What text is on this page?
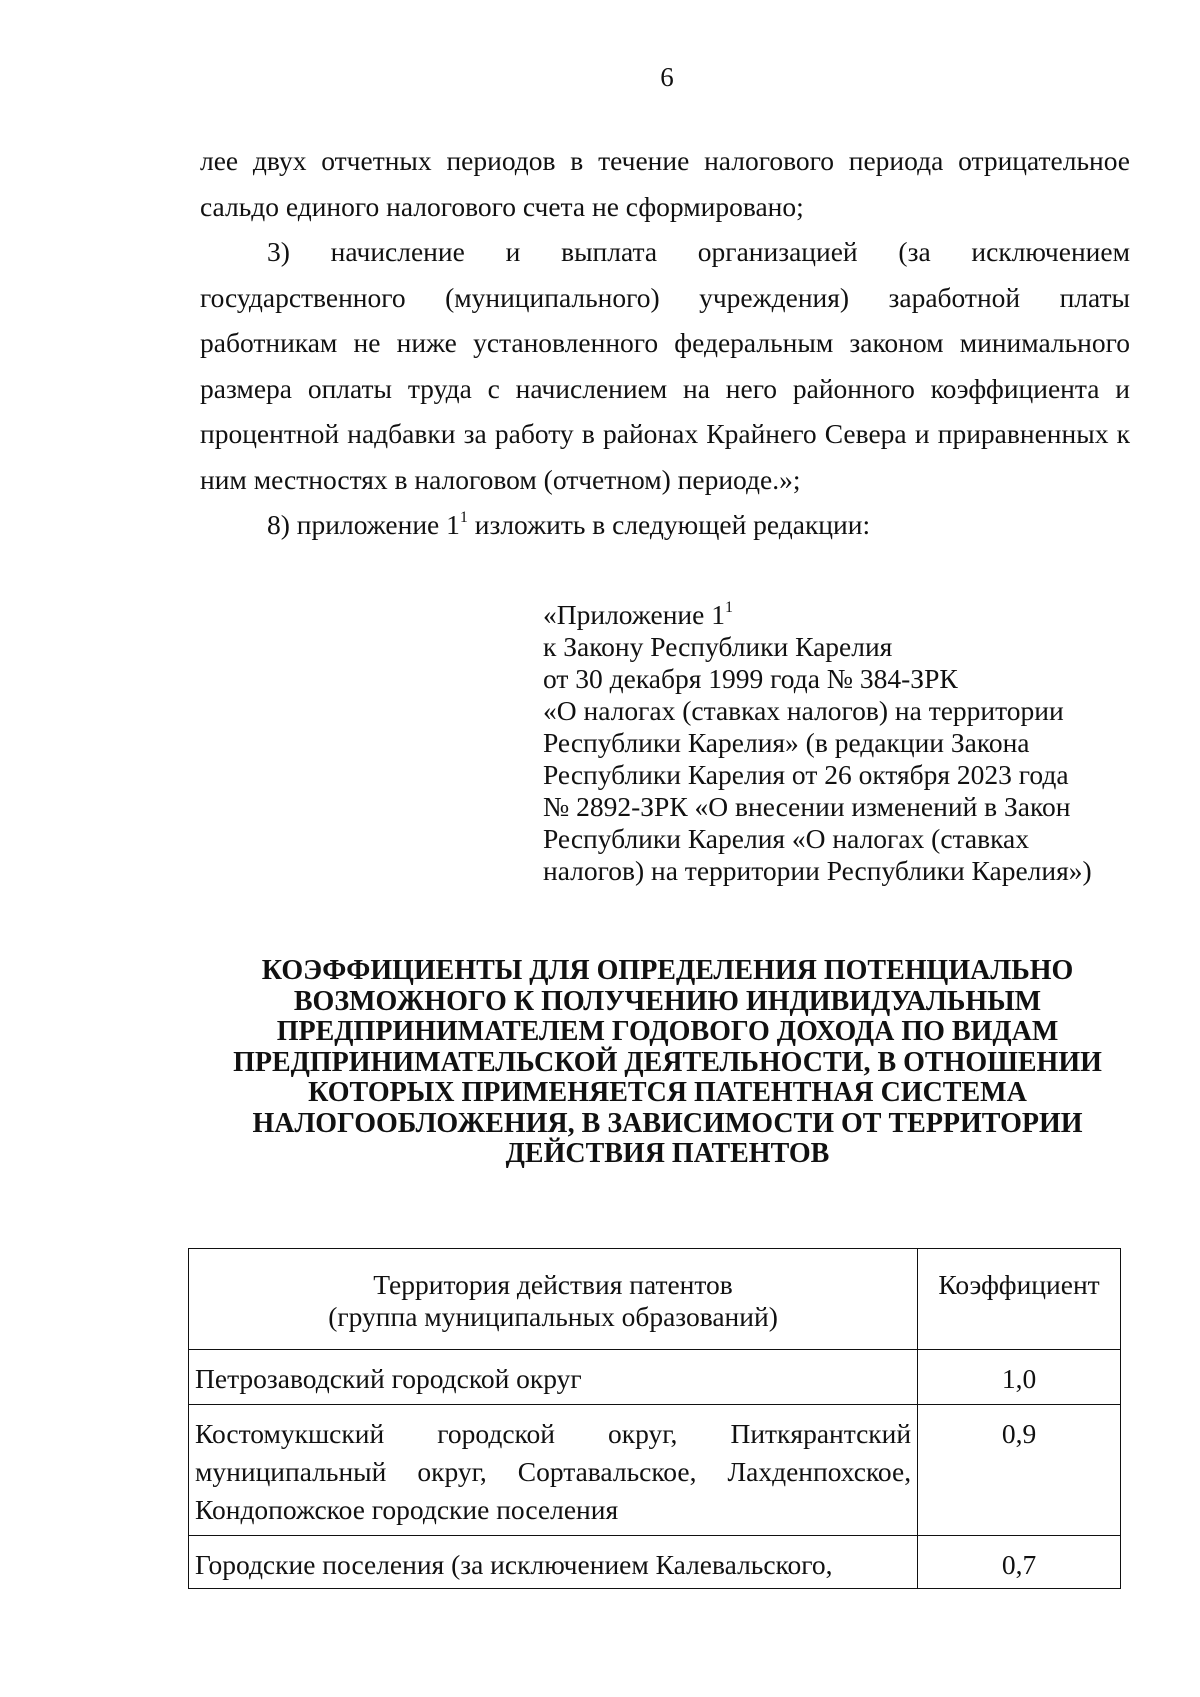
6

лее двух отчетных периодов в течение налогового периода отрицательное сальдо единого налогового счета не сформировано;

3) начисление и выплата организацией (за исключением государственного (муниципального) учреждения) заработной платы работникам не ниже установленного федеральным законом минимального размера оплаты труда с начислением на него районного коэффициента и процентной надбавки за работу в районах Крайнего Севера и приравненных к ним местностях в налоговом (отчетном) периоде.»;

8) приложение $1^1$ изложить в следующей редакции:

«Приложение $1^1$
к Закону Республики Карелия
от 30 декабря 1999 года № 384-ЗРК
«О налогах (ставках налогов) на территории
Республики Карелия» (в редакции Закона
Республики Карелия от 26 октября 2023 года
№ 2892-ЗРК «О внесении изменений в Закон
Республики Карелия «О налогах (ставках
налогов) на территории Республики Карелия»)
КОЭФФИЦИЕНТЫ ДЛЯ ОПРЕДЕЛЕНИЯ ПОТЕНЦИАЛЬНО
ВОЗМОЖНОГО К ПОЛУЧЕНИЮ ИНДИВИДУАЛЬНЫМ
ПРЕДПРИНИМАТЕЛЕМ ГОДОВОГО ДОХОДА ПО ВИДАМ
ПРЕДПРИНИМАТЕЛЬСКОЙ ДЕЯТЕЛЬНОСТИ, В ОТНОШЕНИИ
КОТОРЫХ ПРИМЕНЯЕТСЯ ПАТЕНТНАЯ СИСТЕМА
НАЛОГООБЛОЖЕНИЯ, В ЗАВИСИМОСТИ ОТ ТЕРРИТОРИИ
ДЕЙСТВИЯ ПАТЕНТОВ
Территория действия патентов
(группа муниципальных образований)	Коэффициент
Петрозаводский городской округ	1,0
Костомукшский городской округ, Питкярантский муниципальный округ, Сортавальское, Лахденпохское, Кондопожское городские поселения	0,9
Городские поселения (за исключением Калевальского,	0,7
